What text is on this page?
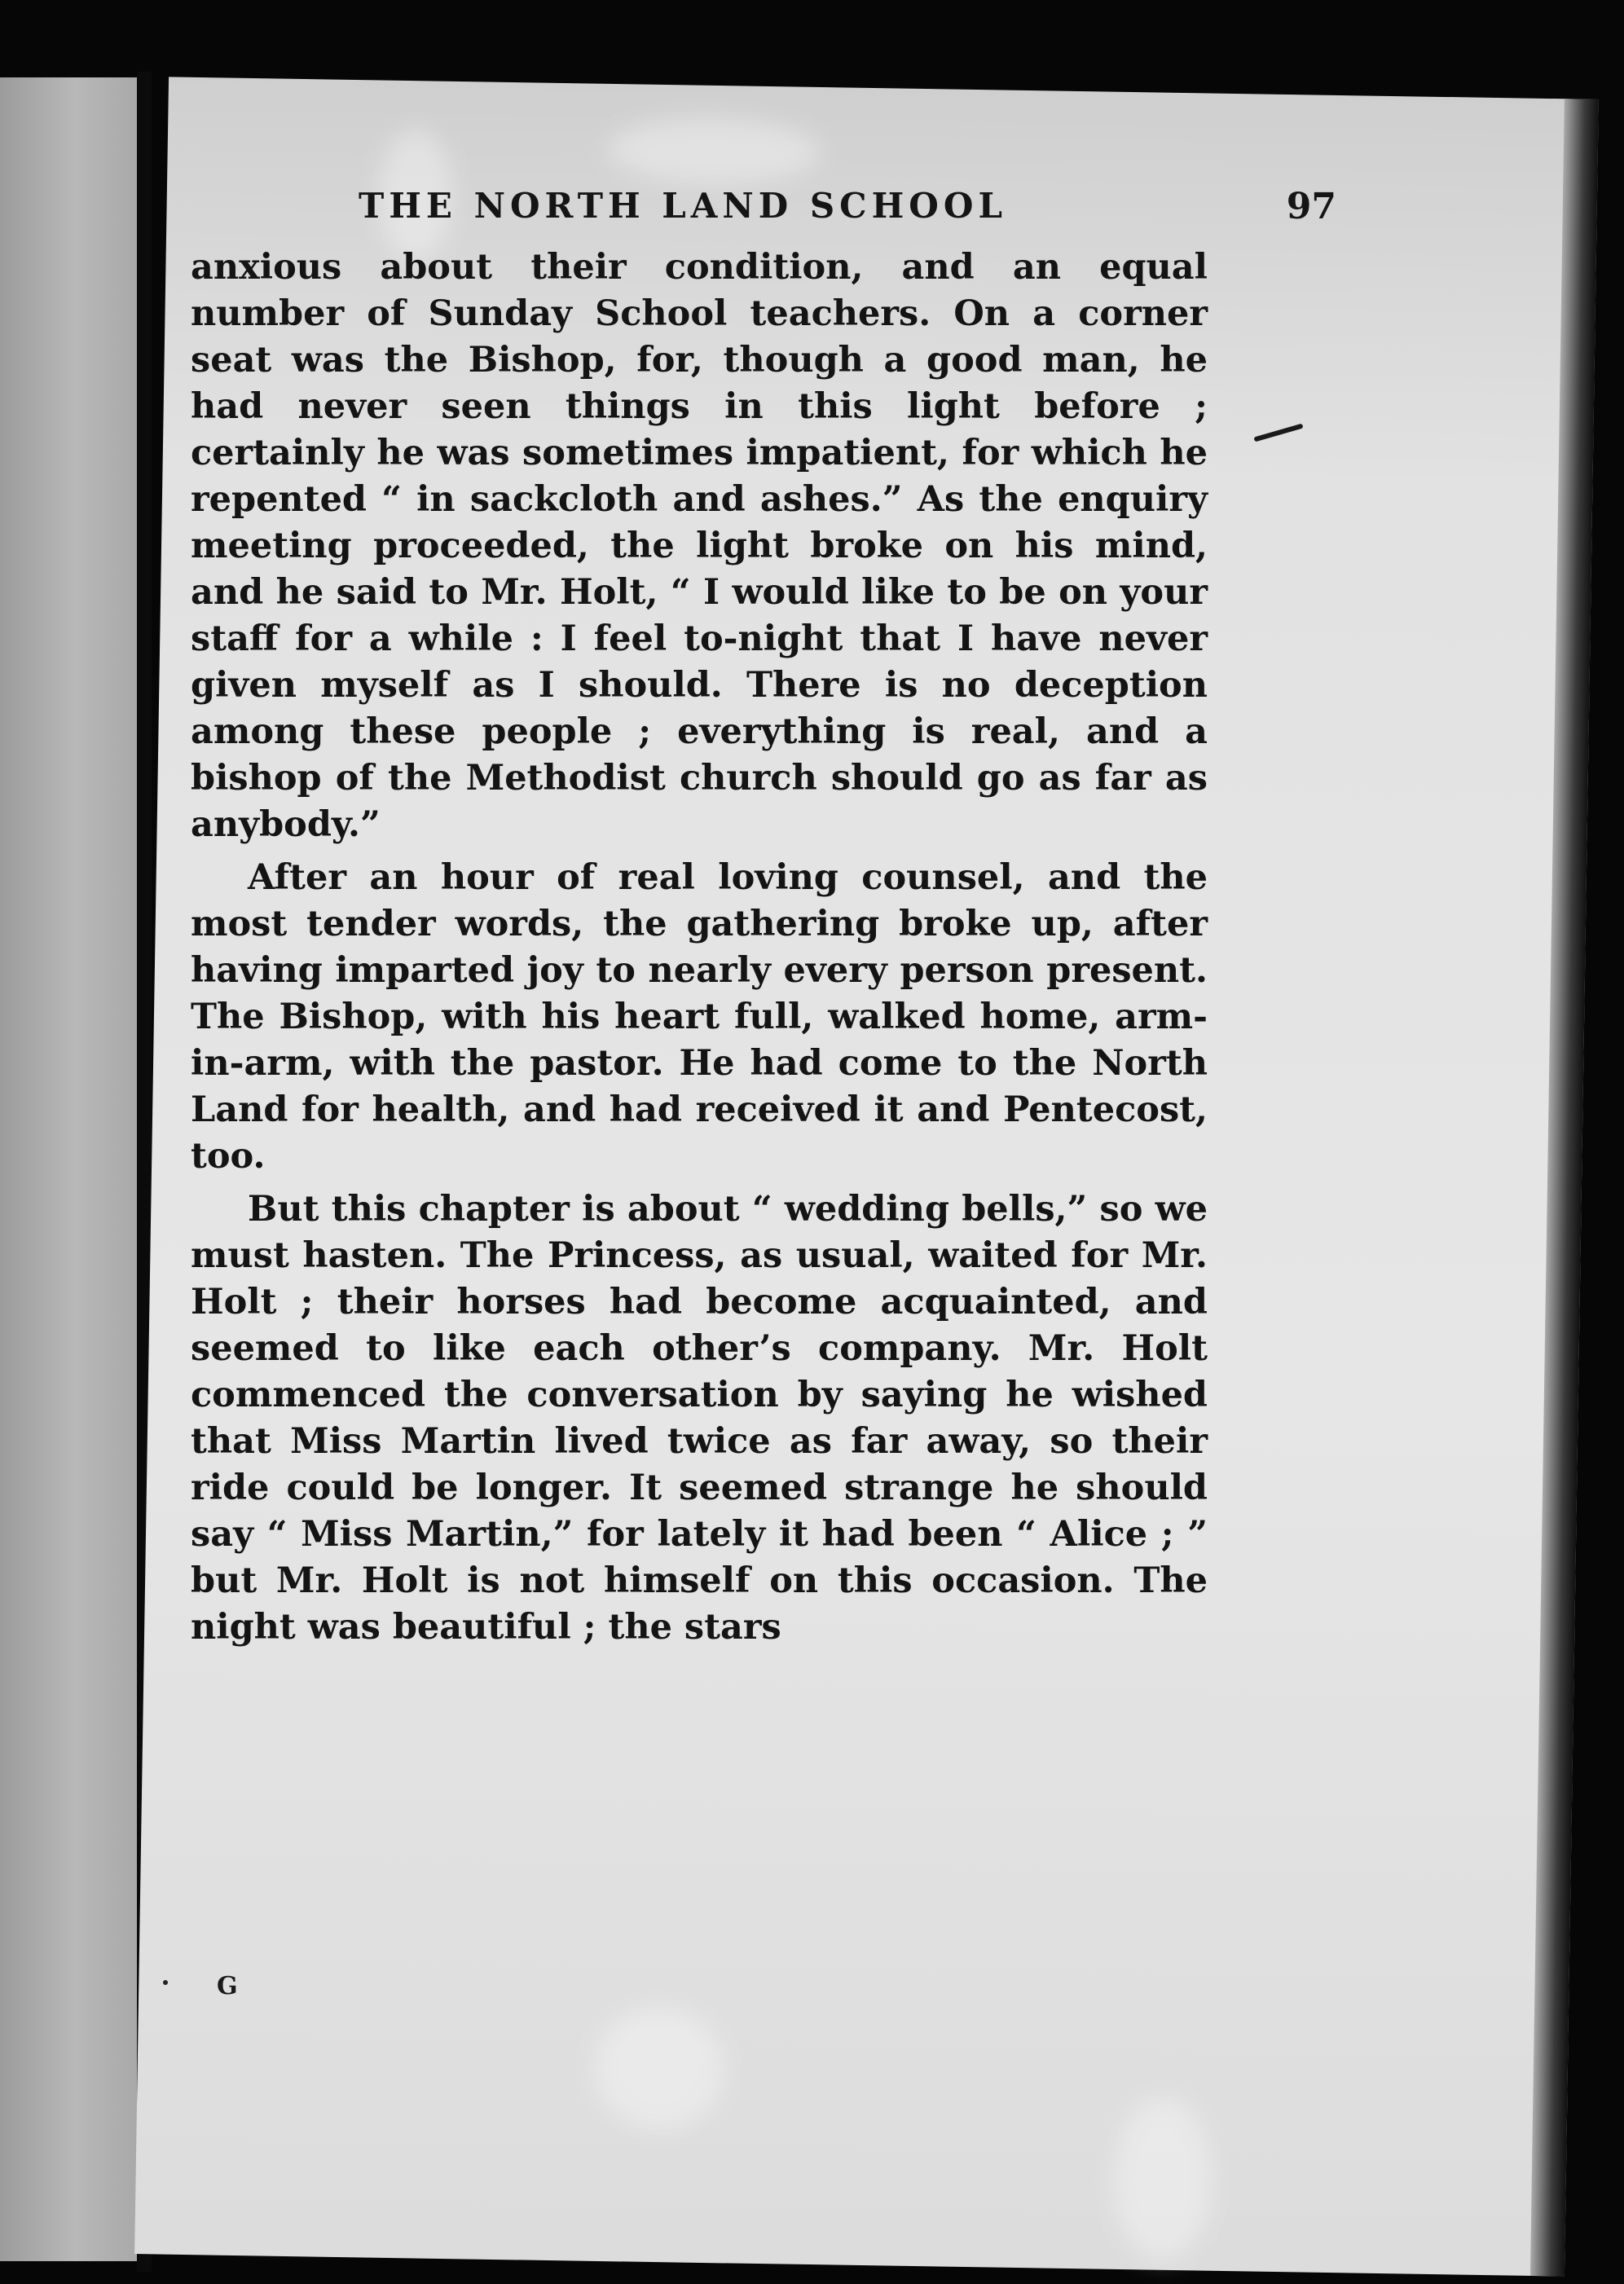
THE NORTH LAND SCHOOL	97

anxious about their condition, and an equal number of Sunday School teachers. On a corner seat was the Bishop, for, though a good man, he had never seen things in this light before ; certainly he was sometimes impatient, for which he repented “ in sackcloth and ashes.” As the enquiry meeting proceeded, the light broke on his mind, and he said to Mr. Holt, “ I would like to be on your staff for a while : I feel to-night that I have never given myself as I should. There is no deception among these people ; everything is real, and a bishop of the Methodist church should go as far as anybody.”

After an hour of real loving counsel, and the most tender words, the gathering broke up, after having imparted joy to nearly every person present. The Bishop, with his heart full, walked home, arm-in-arm, with the pastor. He had come to the North Land for health, and had received it and Pentecost, too.

But this chapter is about “ wedding bells,” so we must hasten. The Princess, as usual, waited for Mr. Holt ; their horses had become acquainted, and seemed to like each other’s company. Mr. Holt commenced the conversation by saying he wished that Miss Martin lived twice as far away, so their ride could be longer. It seemed strange he should say “ Miss Martin,” for lately it had been “ Alice ; ” but Mr. Holt is not himself on this occasion. The night was beautiful ; the stars

G
